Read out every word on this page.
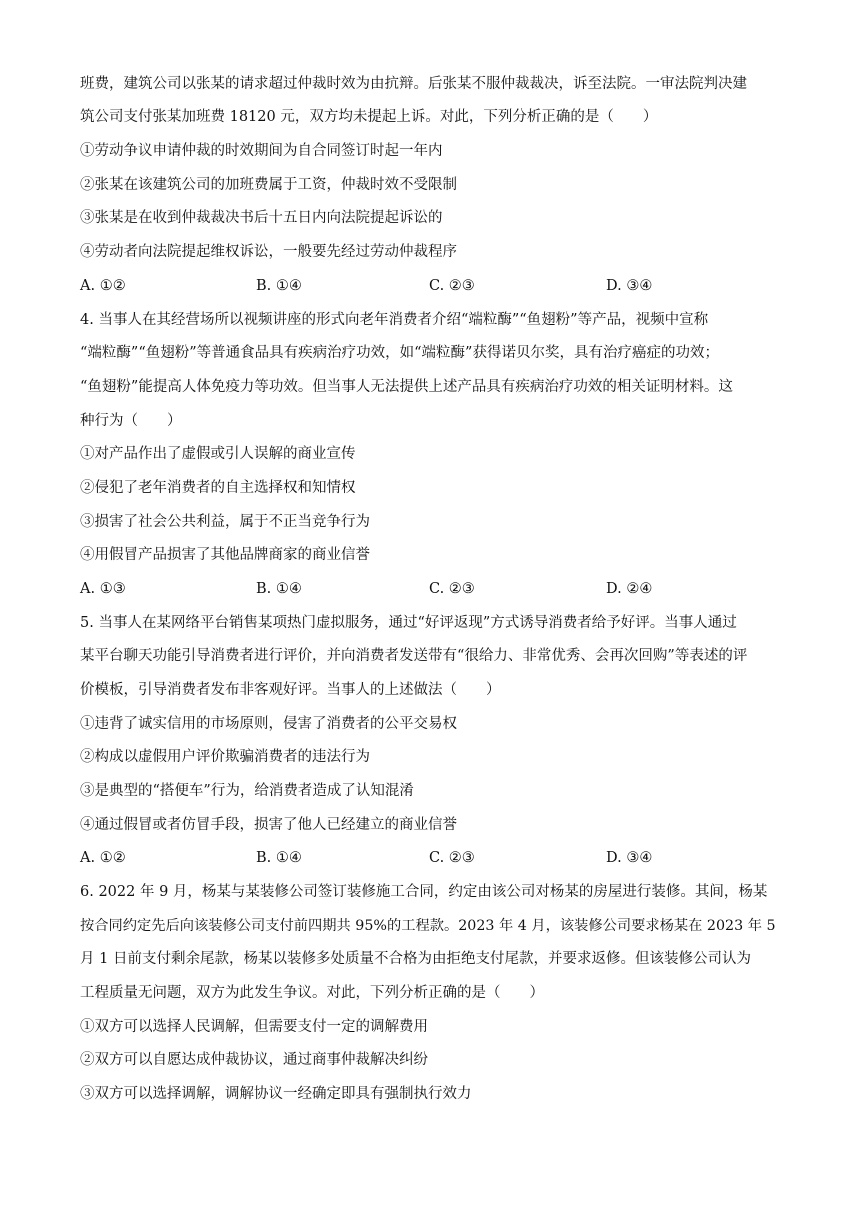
班费，建筑公司以张某的请求超过仲裁时效为由抗辩。后张某不服仲裁裁决，诉至法院。一审法院判决建
筑公司支付张某加班费 18120 元，双方均未提起上诉。对此，下列分析正确的是（　　）
①劳动争议申请仲裁的时效期间为自合同签订时起一年内
②张某在该建筑公司的加班费属于工资，仲裁时效不受限制
③张某是在收到仲裁裁决书后十五日内向法院提起诉讼的
④劳动者向法院提起维权诉讼，一般要先经过劳动仲裁程序
A. ①②	B. ①④	C. ②③	D. ③④
4. 当事人在其经营场所以视频讲座的形式向老年消费者介绍“端粒酶”“鱼翅粉”等产品，视频中宣称
“端粒酶”“鱼翅粉”等普通食品具有疾病治疗功效，如“端粒酶”获得诺贝尔奖，具有治疗癌症的功效；
“鱼翅粉”能提高人体免疫力等功效。但当事人无法提供上述产品具有疾病治疗功效的相关证明材料。这
种行为（　　）
①对产品作出了虚假或引人误解的商业宣传
②侵犯了老年消费者的自主选择权和知情权
③损害了社会公共利益，属于不正当竞争行为
④用假冒产品损害了其他品牌商家的商业信誉
A. ①③	B. ①④	C. ②③	D. ②④
5. 当事人在某网络平台销售某项热门虚拟服务，通过“好评返现”方式诱导消费者给予好评。当事人通过
某平台聊天功能引导消费者进行评价，并向消费者发送带有“很给力、非常优秀、会再次回购”等表述的评
价模板，引导消费者发布非客观好评。当事人的上述做法（　　）
①违背了诚实信用的市场原则，侵害了消费者的公平交易权
②构成以虚假用户评价欺骗消费者的违法行为
③是典型的“搭便车”行为，给消费者造成了认知混淆
④通过假冒或者仿冒手段，损害了他人已经建立的商业信誉
A. ①②	B. ①④	C. ②③	D. ③④
6. 2022 年 9 月，杨某与某装修公司签订装修施工合同，约定由该公司对杨某的房屋进行装修。其间，杨某
按合同约定先后向该装修公司支付前四期共 95%的工程款。2023 年 4 月，该装修公司要求杨某在 2023 年 5
月 1 日前支付剩余尾款，杨某以装修多处质量不合格为由拒绝支付尾款，并要求返修。但该装修公司认为
工程质量无问题，双方为此发生争议。对此，下列分析正确的是（　　）
①双方可以选择人民调解，但需要支付一定的调解费用
②双方可以自愿达成仲裁协议，通过商事仲裁解决纠纷
③双方可以选择调解，调解协议一经确定即具有强制执行效力
